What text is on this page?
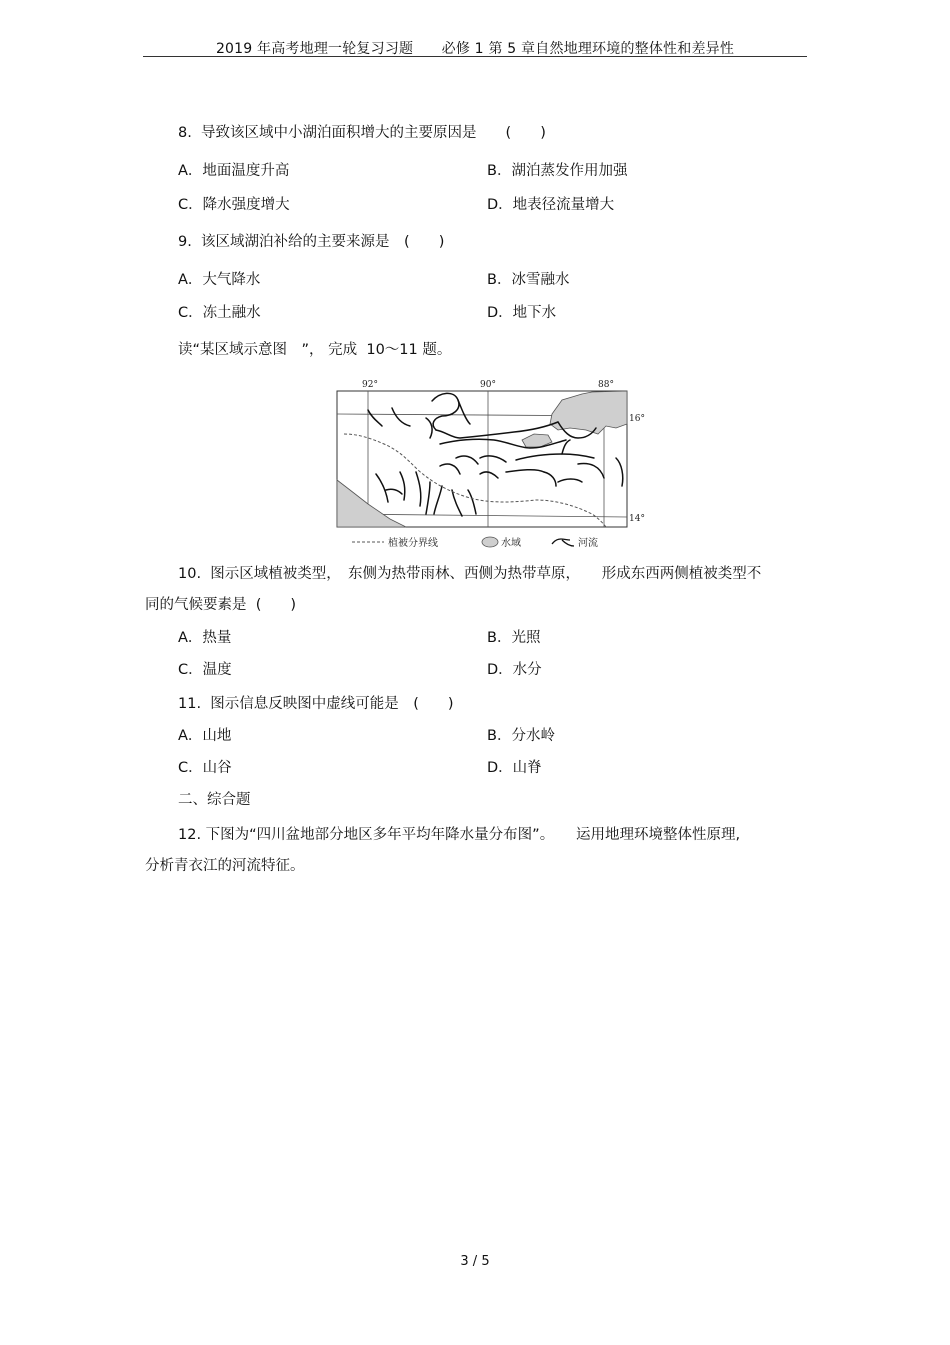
2019 年高考地理一轮复习习题　　必修 1 第 5 章自然地理环境的整体性和差异性
8.  导致该区域中小湖泊面积增大的主要原因是　　(　　)
A．地面温度升高	B．湖泊蒸发作用加强
C．降水强度增大	D．地表径流量增大
9.  该区域湖泊补给的主要来源是　(　　)
A．大气降水	B．冰雪融水
C．冻土融水	D．地下水
读“某区域示意图　”， 完成  10～11 题。
92°	90°	88°
16°
14°
植被分界线	水域	河流
10.  图示区域植被类型，　东侧为热带雨林、西侧为热带草原，　　形成东西两侧植被类型不
同的气候要素是  (　　)
A．热量	B．光照
C．温度	D．水分
11.  图示信息反映图中虚线可能是　(　　)
A．山地	B．分水岭
C．山谷	D．山脊
二、综合题
12. 下图为“四川盆地部分地区多年平均年降水量分布图”。　　运用地理环境整体性原理,
分析青衣江的河流特征。
3 / 5
